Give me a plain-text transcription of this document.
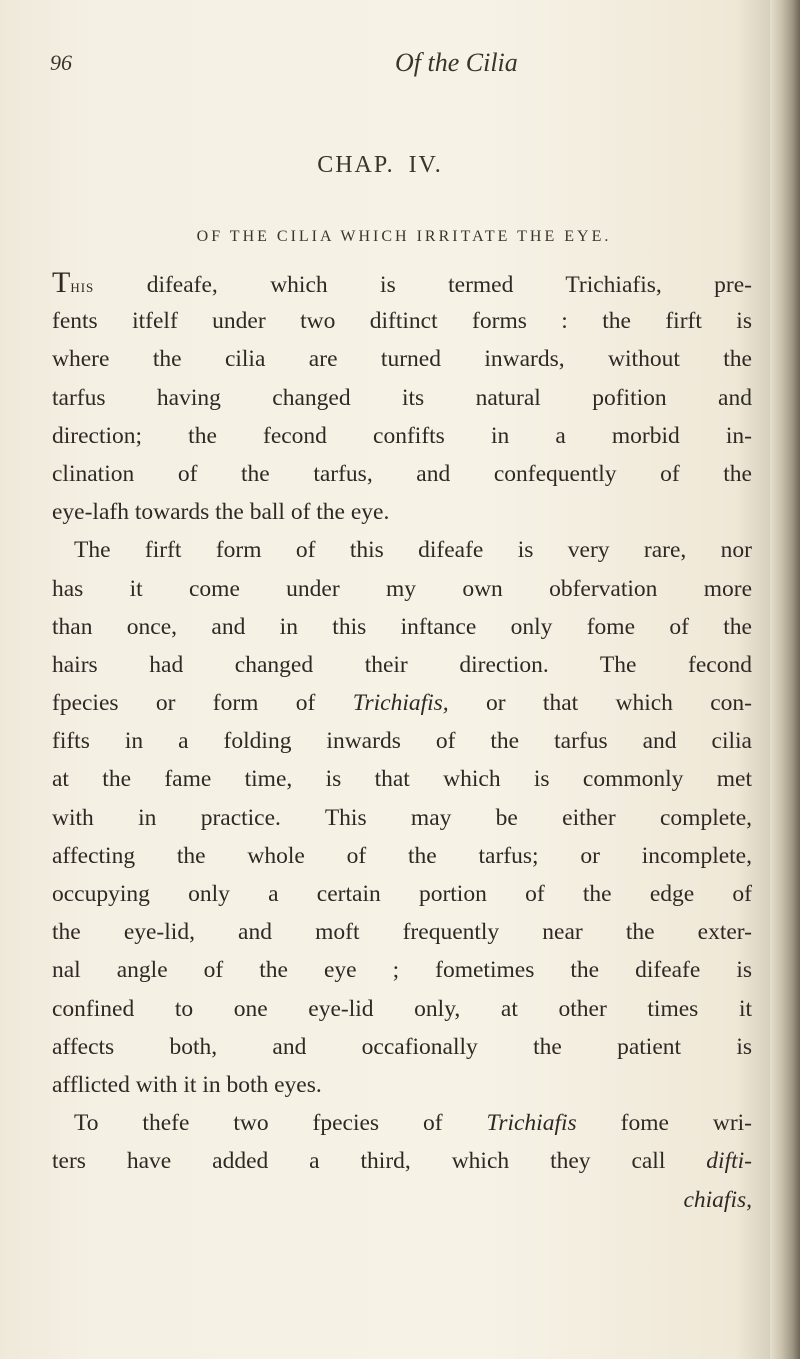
96	Of the Cilia
CHAP. IV.
OF THE CILIA WHICH IRRITATE THE EYE.
This difeafe, which is termed Trichiafis, pre-
fents itfelf under two diftinct forms : the firft is
where the cilia are turned inwards, without the
tarfus having changed its natural pofition and
direction; the fecond confifts in a morbid in-
clination of the tarfus, and confequently of the
eye-lafh towards the ball of the eye.
The firft form of this difeafe is very rare, nor
has it come under my own obfervation more
than once, and in this inftance only fome of the
hairs had changed their direction. The fecond
fpecies or form of Trichiafis, or that which con-
fifts in a folding inwards of the tarfus and cilia
at the fame time, is that which is commonly met
with in practice. This may be either complete,
affecting the whole of the tarfus; or incomplete,
occupying only a certain portion of the edge of
the eye-lid, and moft frequently near the exter-
nal angle of the eye ; fometimes the difeafe is
confined to one eye-lid only, at other times it
affects both, and occafionally the patient is
afflicted with it in both eyes.
To thefe two fpecies of Trichiafis fome wri-
ters have added a third, which they call difti-
chiafis,
